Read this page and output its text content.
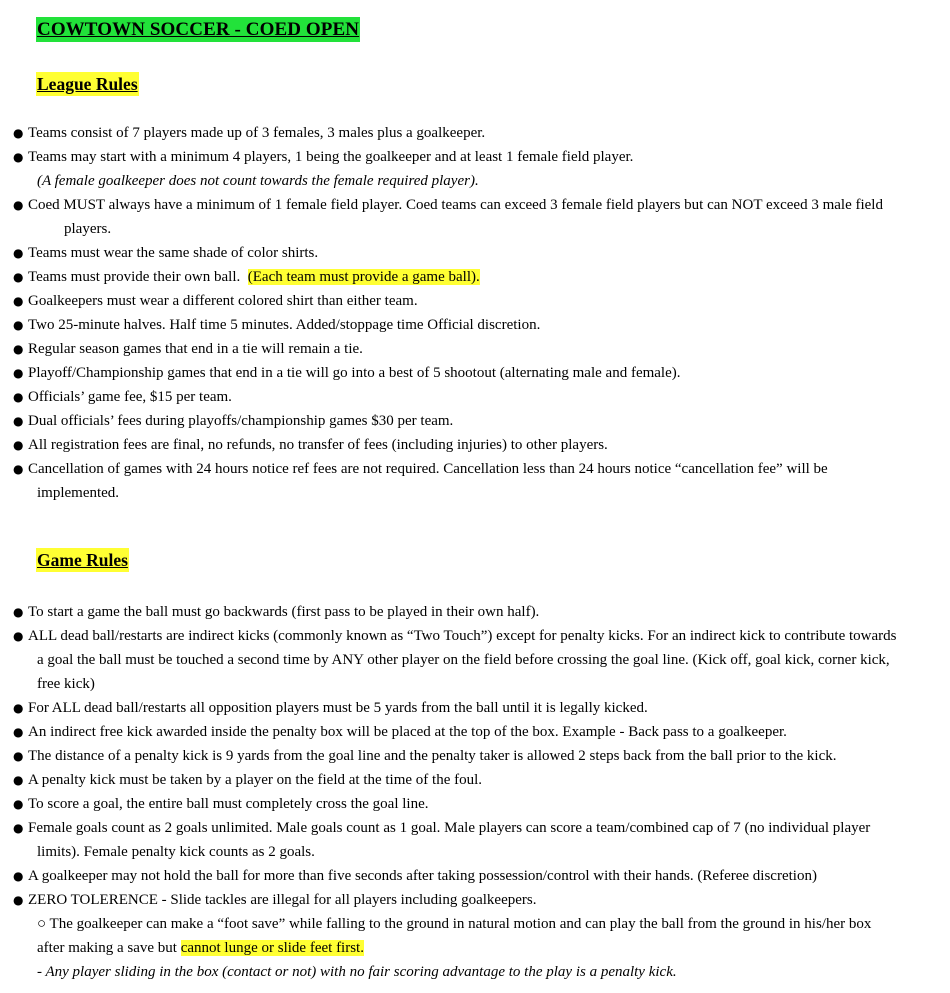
COWTOWN SOCCER - COED OPEN
League Rules
● Teams consist of 7 players made up of 3 females, 3 males plus a goalkeeper.
● Teams may start with a minimum 4 players, 1 being the goalkeeper and at least 1 female field player.
(A female goalkeeper does not count towards the female required player).
● Coed MUST always have a minimum of 1 female field player. Coed teams can exceed 3 female field players but can NOT exceed 3 male field
players.
● Teams must wear the same shade of color shirts.
● Teams must provide their own ball. (Each team must provide a game ball).
● Goalkeepers must wear a different colored shirt than either team.
● Two 25-minute halves. Half time 5 minutes. Added/stoppage time Official discretion.
● Regular season games that end in a tie will remain a tie.
● Playoff/Championship games that end in a tie will go into a best of 5 shootout (alternating male and female).
● Officials’ game fee, $15 per team.
● Dual officials’ fees during playoffs/championship games $30 per team.
● All registration fees are final, no refunds, no transfer of fees (including injuries) to other players.
● Cancellation of games with 24 hours notice ref fees are not required. Cancellation less than 24 hours notice “cancellation fee” will be
implemented.
Game Rules
● To start a game the ball must go backwards (first pass to be played in their own half).
● ALL dead ball/restarts are indirect kicks (commonly known as “Two Touch”) except for penalty kicks. For an indirect kick to contribute towards
a goal the ball must be touched a second time by ANY other player on the field before crossing the goal line. (Kick off, goal kick, corner kick,
free kick)
● For ALL dead ball/restarts all opposition players must be 5 yards from the ball until it is legally kicked.
● An indirect free kick awarded inside the penalty box will be placed at the top of the box. Example - Back pass to a goalkeeper.
● The distance of a penalty kick is 9 yards from the goal line and the penalty taker is allowed 2 steps back from the ball prior to the kick.
● A penalty kick must be taken by a player on the field at the time of the foul.
● To score a goal, the entire ball must completely cross the goal line.
● Female goals count as 2 goals unlimited. Male goals count as 1 goal. Male players can score a team/combined cap of 7 (no individual player
limits). Female penalty kick counts as 2 goals.
● A goalkeeper may not hold the ball for more than five seconds after taking possession/control with their hands. (Referee discretion)
● ZERO TOLERENCE - Slide tackles are illegal for all players including goalkeepers.
○ The goalkeeper can make a “foot save” while falling to the ground in natural motion and can play the ball from the ground in his/her box
after making a save but cannot lunge or slide feet first.
- Any player sliding in the box (contact or not) with no fair scoring advantage to the play is a penalty kick.
